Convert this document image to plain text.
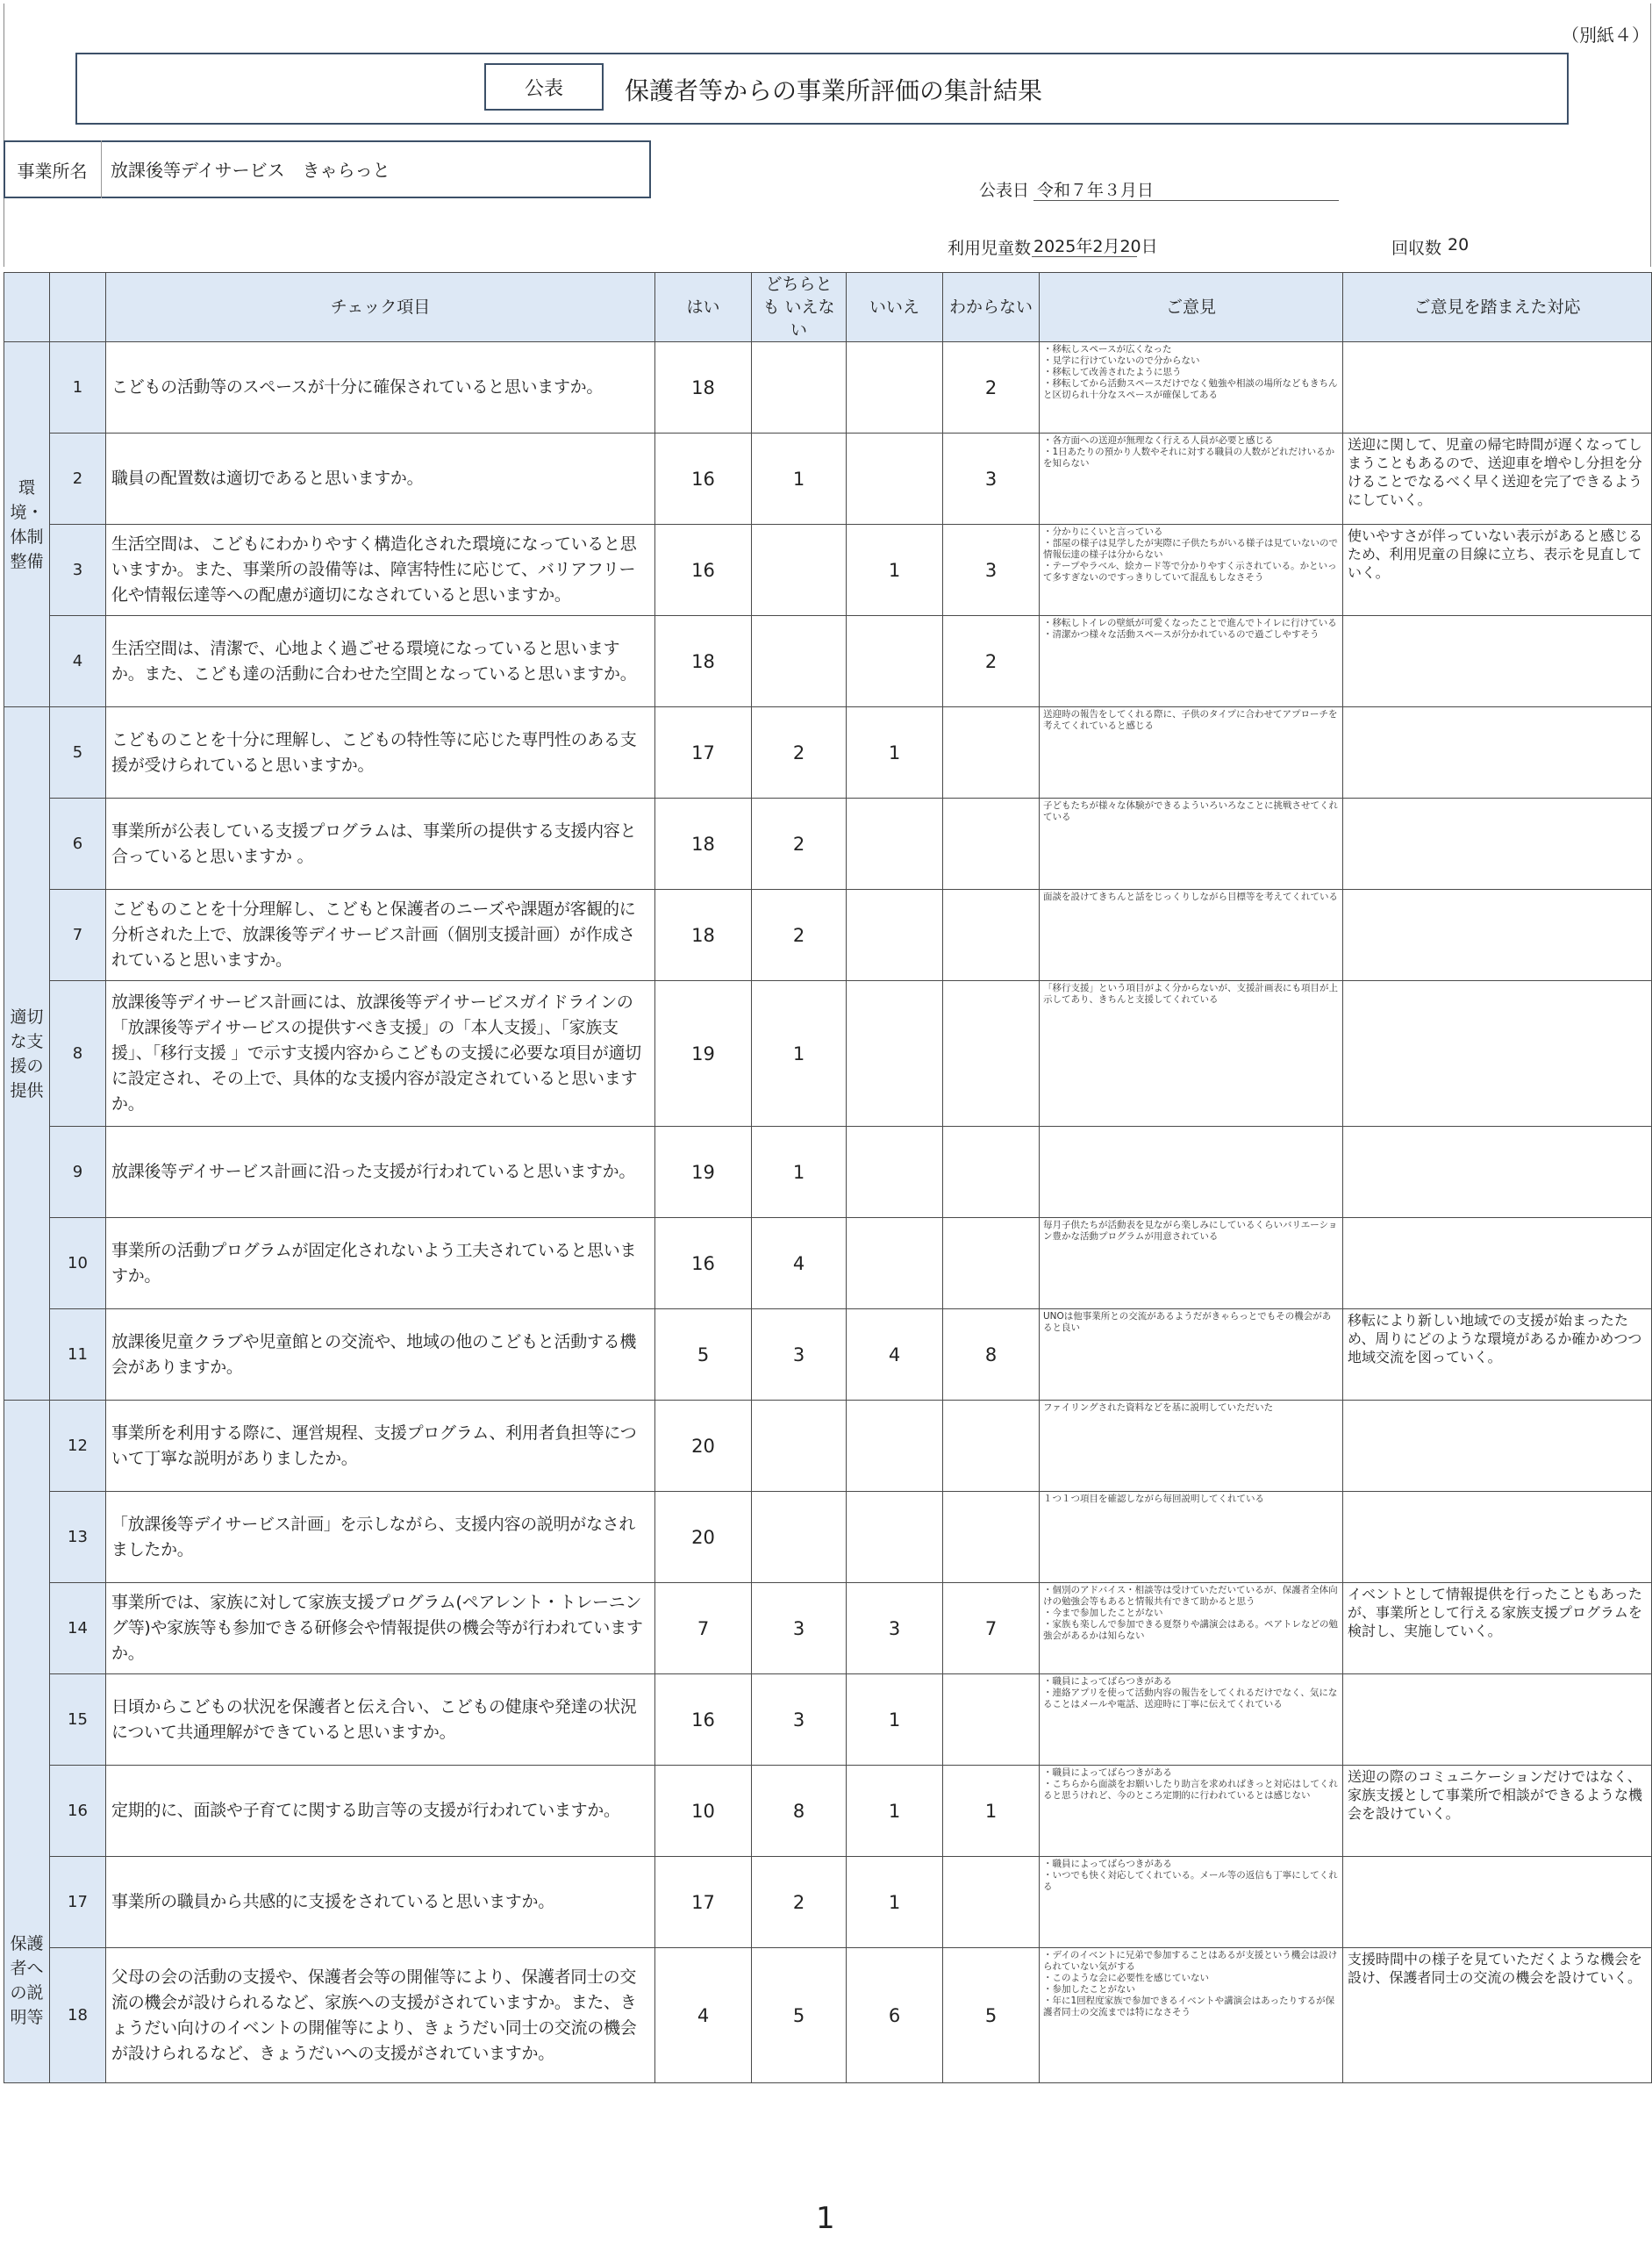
（別紙４）
公表	保護者等からの事業所評価の集計結果
事業所名	放課後等デイサービス　きゃらっと
公表日 令和７年３月日
利用児童数 2025年2月20日	回収数 20
		チェック項目	はい	どちらとも いえない	いいえ	わからない	ご意見	ご意見を踏まえた対応
環境・体制整備	1	こどもの活動等のスペースが十分に確保されていると思いますか。	18			2	・移転しスペースが広くなった
・見学に行けていないので分からない
・移転して改善されたように思う
・移転してから活動スペースだけでなく勉強や相談の場所などもきちんと区切られ十分なスペースが確保してある	
	2	職員の配置数は適切であると思いますか。	16	1		3	・各方面への送迎が無理なく行える人員が必要と感じる
・1日あたりの預かり人数やそれに対する職員の人数がどれだけいるかを知らない	送迎に関して、児童の帰宅時間が遅くなってしまうこともあるので、送迎車を増やし分担を分けることでなるべく早く送迎を完了できるようにしていく。
	3	生活空間は、こどもにわかりやすく構造化された環境になっていると思いますか。また、事業所の設備等は、障害特性に応じて、バリアフリー化や情報伝達等への配慮が適切になされていると思いますか。	16		1	3	・分かりにくいと言っている
・部屋の様子は見学したが実際に子供たちがいる様子は見ていないので情報伝達の様子は分からない
・テープやラベル、絵カード等で分かりやすく示されている。かといって多すぎないのですっきりしていて混乱もしなさそう	使いやすさが伴っていない表示があると感じるため、利用児童の目線に立ち、表示を見直していく。
	4	生活空間は、清潔で、心地よく過ごせる環境になっていると思いますか。また、こども達の活動に合わせた空間となっていると思いますか。	18			2	・移転しトイレの壁紙が可愛くなったことで進んでトイレに行けている
・清潔かつ様々な活動スペースが分かれているので過ごしやすそう	
適切な支援の提供	5	こどものことを十分に理解し、こどもの特性等に応じた専門性のある支援が受けられていると思いますか。	17	2	1		送迎時の報告をしてくれる際に、子供のタイプに合わせてアプローチを考えてくれていると感じる	
	6	事業所が公表している支援プログラムは、事業所の提供する支援内容と合っていると思いますか 。	18	2			子どもたちが様々な体験ができるよういろいろなことに挑戦させてくれている	
	7	こどものことを十分理解し、こどもと保護者のニーズや課題が客観的に分析された上で、放課後等デイサービス計画（個別支援計画）が作成されていると思いますか。	18	2			面談を設けてきちんと話をじっくりしながら目標等を考えてくれている	
	8	放課後等デイサービス計画には、放課後等デイサービスガイドラインの「放課後等デイサービスの提供すべき支援」の「本人支援」、「家族支援」、「移行支援 」で示す支援内容からこどもの支援に必要な項目が適切に設定され、その上で、具体的な支援内容が設定されていると思いますか。	19	1			「移行支援」という項目がよく分からないが、支援計画表にも項目が上示してあり、きちんと支援してくれている	
	9	放課後等デイサービス計画に沿った支援が行われていると思いますか。	19	1				
	10	事業所の活動プログラムが固定化されないよう工夫されていると思いますか。	16	4			毎月子供たちが活動表を見ながら楽しみにしているくらいバリエーション豊かな活動プログラムが用意されている	
	11	放課後児童クラブや児童館との交流や、地域の他のこどもと活動する機会がありますか。	5	3	4	8	UNOは他事業所との交流があるようだがきゃらっとでもその機会があると良い	移転により新しい地域での支援が始まったため、周りにどのような環境があるか確かめつつ地域交流を図っていく。
保護者への説明等	12	事業所を利用する際に、運営規程、支援プログラム、利用者負担等について丁寧な説明がありましたか。	20				ファイリングされた資料などを基に説明していただいた	
	13	「放課後等デイサービス計画」を示しながら、支援内容の説明がなされましたか。	20				１つ１つ項目を確認しながら毎回説明してくれている	
	14	事業所では、家族に対して家族支援プログラム(ペアレント・トレーニング等)や家族等も参加できる研修会や情報提供の機会等が行われていますか。	7	3	3	7	・個別のアドバイス・相談等は受けていただいているが、保護者全体向けの勉強会等もあると情報共有できて助かると思う
・今まで参加したことがない
・家族も楽しんで参加できる夏祭りや講演会はある。ペアトレなどの勉強会があるかは知らない	イベントとして情報提供を行ったこともあったが、事業所として行える家族支援プログラムを検討し、実施していく。
	15	日頃からこどもの状況を保護者と伝え合い、こどもの健康や発達の状況について共通理解ができていると思いますか。	16	3	1		・職員によってばらつきがある
・連絡アプリを使って活動内容の報告をしてくれるだけでなく、気になることはメールや電話、送迎時に丁寧に伝えてくれている	
	16	定期的に、面談や子育てに関する助言等の支援が行われていますか。	10	8	1	1	・職員によってばらつきがある
・こちらから面談をお願いしたり助言を求めればきっと対応はしてくれると思うけれど、今のところ定期的に行われているとは感じない	送迎の際のコミュニケーションだけではなく、家族支援として事業所で相談ができるような機会を設けていく。
	17	事業所の職員から共感的に支援をされていると思いますか。	17	2	1		・職員によってばらつきがある
・いつでも快く対応してくれている。メール等の返信も丁寧にしてくれる	
	18	父母の会の活動の支援や、保護者会等の開催等により、保護者同士の交流の機会が設けられるなど、家族への支援がされていますか。また、きょうだい向けのイベントの開催等により、きょうだい同士の交流の機会が設けられるなど、きょうだいへの支援がされていますか。	4	5	6	5	・デイのイベントに兄弟で参加することはあるが支援という機会は設けられていない気がする
・このような会に必要性を感じていない
・参加したことがない
・年に1回程度家族で参加できるイベントや講演会はあったりするが保護者同士の交流までは特になさそう	支援時間中の様子を見ていただくような機会を設け、保護者同士の交流の機会を設けていく。
1
